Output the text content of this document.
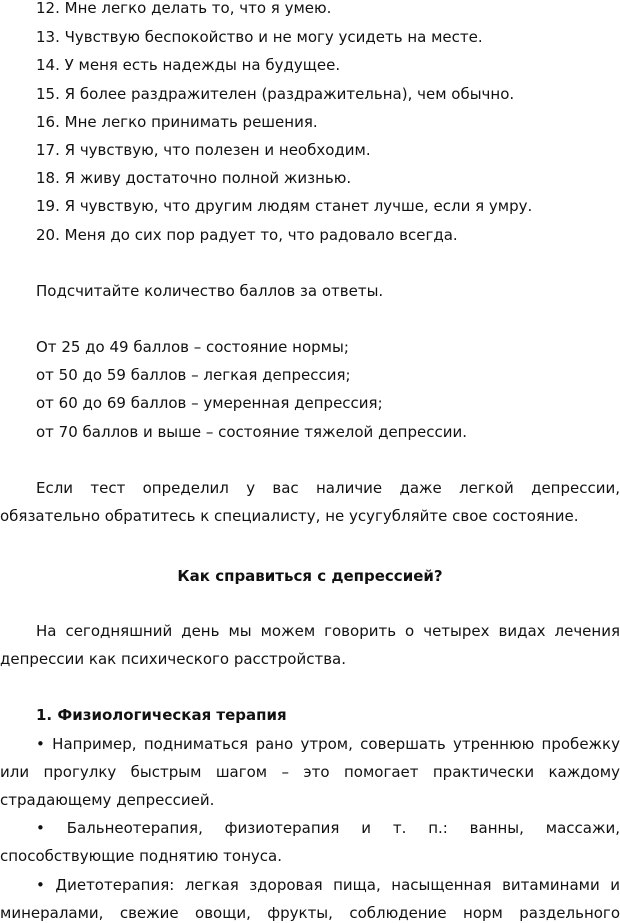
12. Мне легко делать то, что я умею.
13. Чувствую беспокойство и не могу усидеть на месте.
14. У меня есть надежды на будущее.
15. Я более раздражителен (раздражительна), чем обычно.
16. Мне легко принимать решения.
17. Я чувствую, что полезен и необходим.
18. Я живу достаточно полной жизнью.
19. Я чувствую, что другим людям станет лучше, если я умру.
20. Меня до сих пор радует то, что радовало всегда.
Подсчитайте количество баллов за ответы.
От 25 до 49 баллов – состояние нормы;
от 50 до 59 баллов – легкая депрессия;
от 60 до 69 баллов – умеренная депрессия;
от 70 баллов и выше – состояние тяжелой депрессии.
Если тест определил у вас наличие даже легкой депрессии,
обязательно обратитесь к специалисту, не усугубляйте свое состояние.
Как справиться с депрессией?
На сегодняшний день мы можем говорить о четырех видах лечения
депрессии как психического расстройства.
1. Физиологическая терапия
• Например, подниматься рано утром, совершать утреннюю пробежку
или прогулку быстрым шагом – это помогает практически каждому
страдающему депрессией.
• Бальнеотерапия, физиотерапия и т. п.: ванны, массажи,
способствующие поднятию тонуса.
• Диетотерапия: легкая здоровая пища, насыщенная витаминами и
минералами, свежие овощи, фрукты, соблюдение норм раздельного
